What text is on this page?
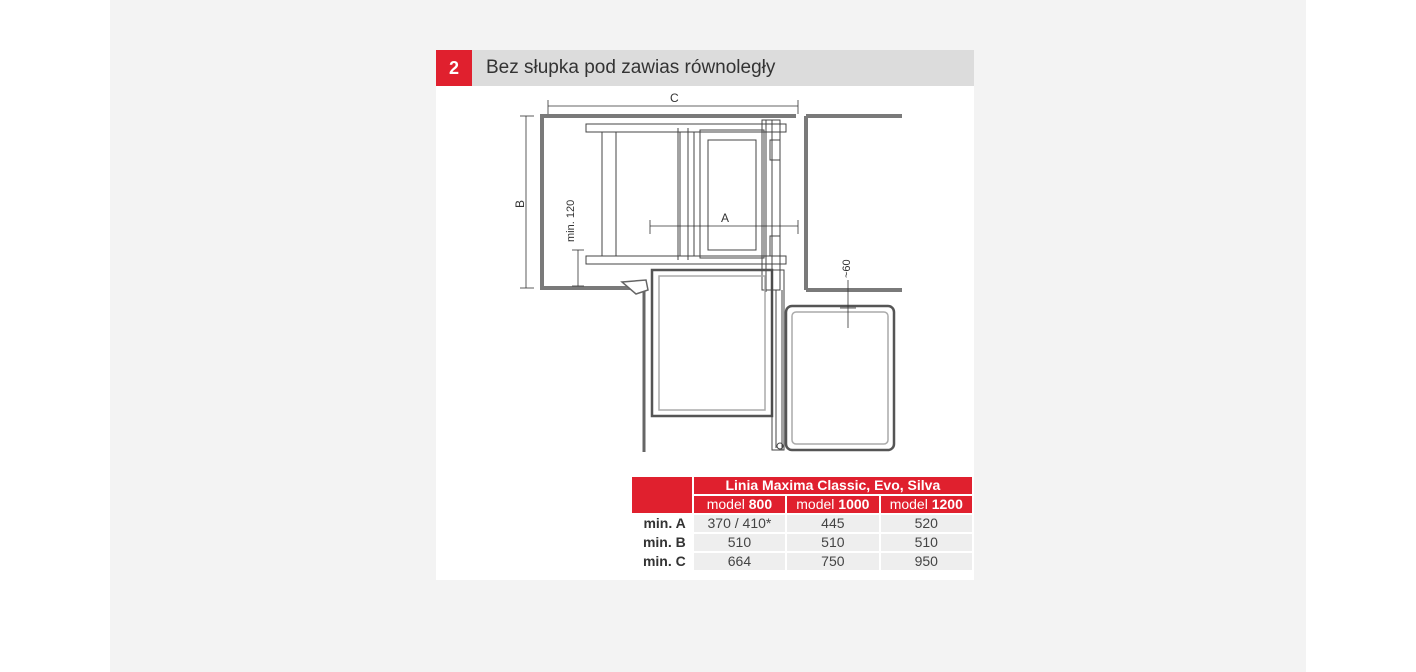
2	Bez słupka pod zawias równoległy
C
B	min. 120	A
~60
	Linia Maxima Classic, Evo, Silva		
	model 800	model 1000	model 1200
min. A	370 / 410*	445	520
min. B	510	510	510
min. C	664	750	950
